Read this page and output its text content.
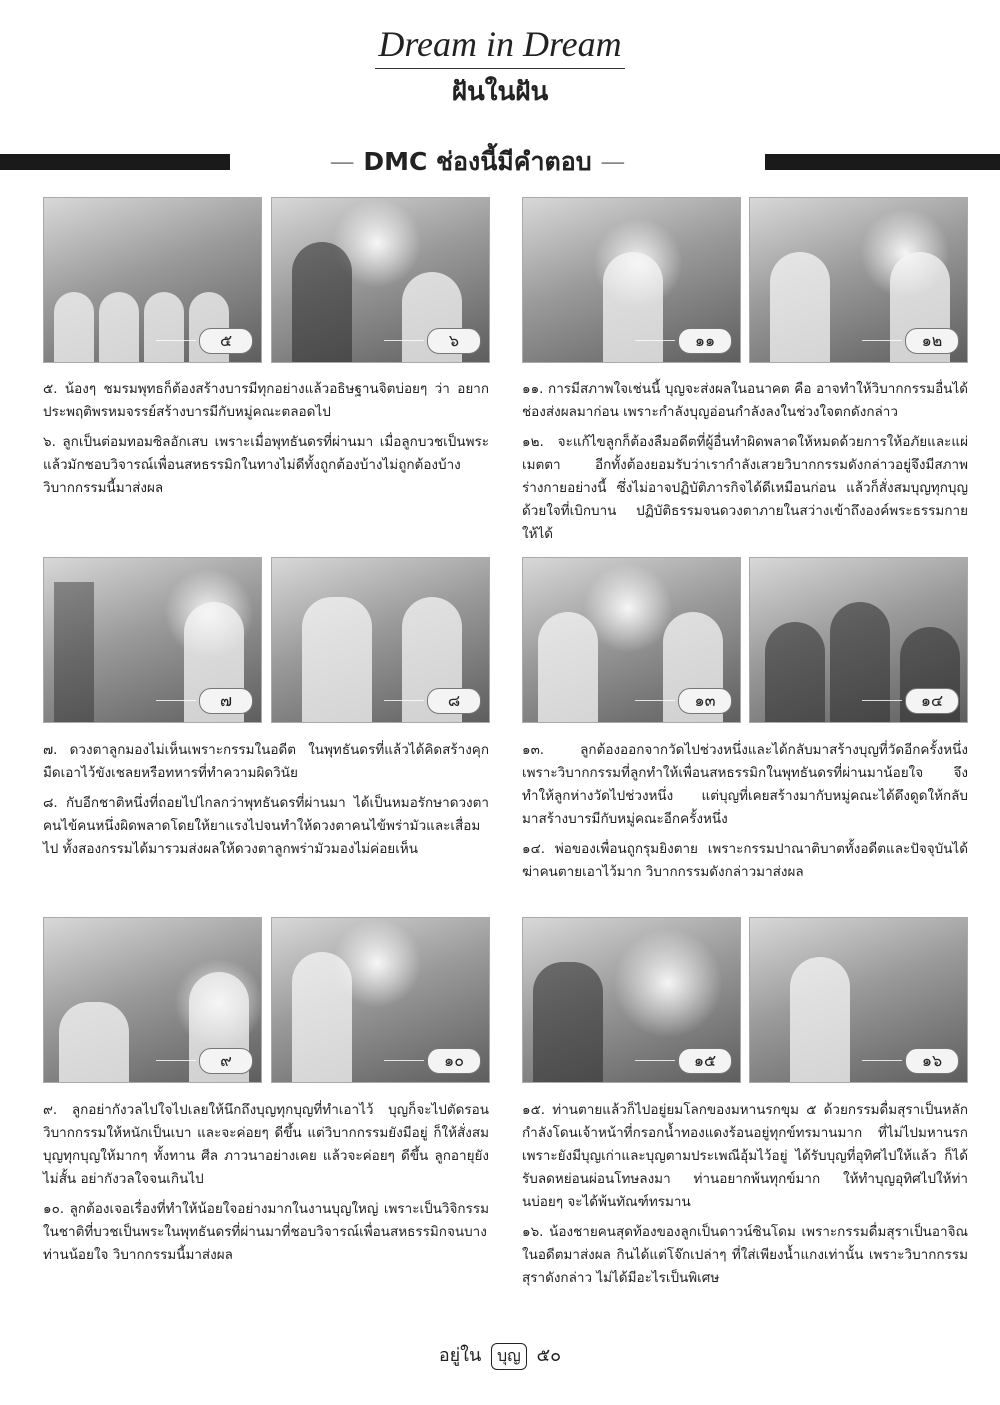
Dream in Dream
ฝันในฝัน
— DMC ช่องนี้มีคำตอบ —
๕	๖	๑๑	๑๒

๕. น้องๆ ชมรมพุทธก็ต้องสร้างบารมีทุกอย่างแล้วอธิษฐานจิตบ่อยๆ ว่า อยากประพฤติพรหมจรรย์สร้างบารมีกับหมู่คณะตลอดไป

๖. ลูกเป็นต่อมทอมซิลอักเสบ เพราะเมื่อพุทธันดรที่ผ่านมา เมื่อลูกบวชเป็นพระแล้วมักชอบวิจารณ์เพื่อนสหธรรมิกในทางไม่ดีทั้งถูกต้องบ้างไม่ถูกต้องบ้าง วิบากกรรมนี้มาส่งผล

๑๑. การมีสภาพใจเช่นนี้ บุญจะส่งผลในอนาคต คือ อาจทำให้วิบากกรรมอื่นได้ช่องส่งผลมาก่อน เพราะกำลังบุญอ่อนกำลังลงในช่วงใจตกดังกล่าว

๑๒. จะแก้ไขลูกก็ต้องลืมอดีตที่ผู้อื่นทำผิดพลาดให้หมดด้วยการให้อภัยและแผ่เมตตา อีกทั้งต้องยอมรับว่าเรากำลังเสวยวิบากกรรมดังกล่าวอยู่จึงมีสภาพร่างกายอย่างนี้ ซึ่งไม่อาจปฏิบัติภารกิจได้ดีเหมือนก่อน แล้วก็สั่งสมบุญทุกบุญด้วยใจที่เบิกบาน ปฏิบัติธรรมจนดวงตาภายในสว่างเข้าถึงองค์พระธรรมกายให้ได้

๗	๘	๑๓	๑๔

๗. ดวงตาลูกมองไม่เห็นเพราะกรรมในอดีต ในพุทธันดรที่แล้วได้คิดสร้างคุกมืดเอาไว้ขังเชลยหรือทหารที่ทำความผิดวินัย

๘. กับอีกชาติหนึ่งที่ถอยไปไกลกว่าพุทธันดรที่ผ่านมา ได้เป็นหมอรักษาดวงตาคนไข้คนหนึ่งผิดพลาดโดยให้ยาแรงไปจนทำให้ดวงตาคนไข้พร่ามัวและเสื่อมไป ทั้งสองกรรมได้มารวมส่งผลให้ดวงตาลูกพร่ามัวมองไม่ค่อยเห็น

๑๓. ลูกต้องออกจากวัดไปช่วงหนึ่งและได้กลับมาสร้างบุญที่วัดอีกครั้งหนึ่ง เพราะวิบากกรรมที่ลูกทำให้เพื่อนสหธรรมิกในพุทธันดรที่ผ่านมาน้อยใจ จึงทำให้ลูกห่างวัดไปช่วงหนึ่ง แต่บุญที่เคยสร้างมากับหมู่คณะได้ดึงดูดให้กลับมาสร้างบารมีกับหมู่คณะอีกครั้งหนึ่ง

๑๔. พ่อของเพื่อนถูกรุมยิงตาย เพราะกรรมปาณาติบาตทั้งอดีตและปัจจุบันได้ฆ่าคนตายเอาไว้มาก วิบากกรรมดังกล่าวมาส่งผล

๙	๑๐	๑๕	๑๖

๙. ลูกอย่ากังวลไปใจไปเลยให้นึกถึงบุญทุกบุญที่ทำเอาไว้ บุญก็จะไปตัดรอนวิบากกรรมให้หนักเป็นเบา และจะค่อยๆ ดีขึ้น แต่วิบากกรรมยังมีอยู่ ก็ให้สั่งสมบุญทุกบุญให้มากๆ ทั้งทาน ศีล ภาวนาอย่างเคย แล้วจะค่อยๆ ดีขึ้น ลูกอายุยังไม่สั้น อย่ากังวลใจจนเกินไป

๑๐. ลูกต้องเจอเรื่องที่ทำให้น้อยใจอย่างมากในงานบุญใหญ่ เพราะเป็นวิจิกรรมในชาติที่บวชเป็นพระในพุทธันดรที่ผ่านมาที่ชอบวิจารณ์เพื่อนสหธรรมิกจนบางท่านน้อยใจ วิบากกรรมนี้มาส่งผล

๑๕. ท่านตายแล้วก็ไปอยู่ยมโลกของมหานรกขุม ๕ ด้วยกรรมดื่มสุราเป็นหลัก กำลังโดนเจ้าหน้าที่กรอกน้ำทองแดงร้อนอยู่ทุกข์ทรมานมาก ที่ไม่ไปมหานรก เพราะยังมีบุญเก่าและบุญตามประเพณีอุ้มไว้อยู่ ได้รับบุญที่อุทิศไปให้แล้ว ก็ได้รับลดหย่อนผ่อนโทษลงมา ท่านอยากพ้นทุกข์มาก ให้ทำบุญอุทิศไปให้ท่านบ่อยๆ จะได้พ้นทัณฑ์ทรมาน

๑๖. น้องชายคนสุดท้องของลูกเป็นดาวน์ซินโดม เพราะกรรมดื่มสุราเป็นอาจิณในอดีตมาส่งผล กินได้แต่โจ๊กเปล่าๆ ที่ใส่เพียงน้ำแกงเท่านั้น เพราะวิบากกรรมสุราดังกล่าว ไม่ได้มีอะไรเป็นพิเศษ

อยู่ใน บุญ ๕๐
